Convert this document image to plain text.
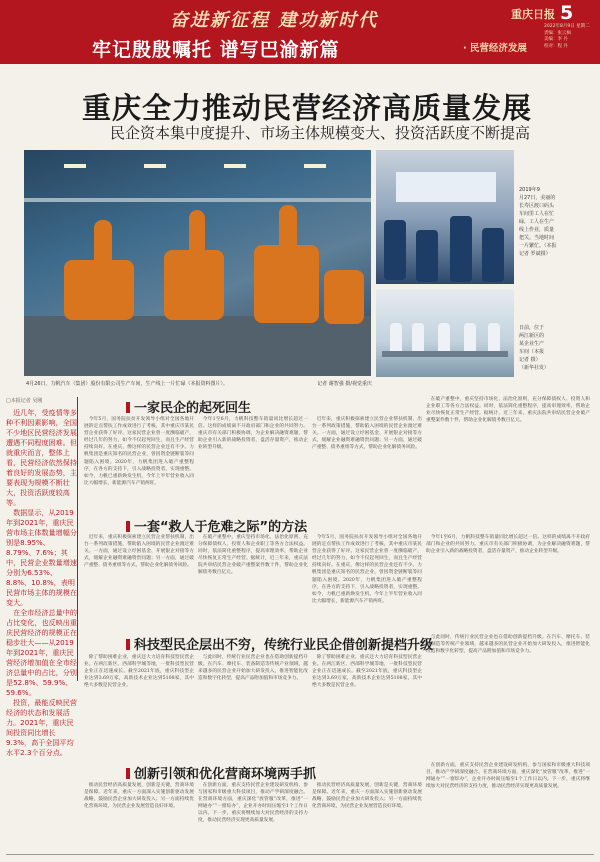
奋进新征程 建功新时代	重庆日报 5
2022年8月9日 星期二
责编：张云枫
美编：李 丹
校对：程 丹
牢记殷殷嘱托 谱写巴渝新篇	· 民营经济发展
重庆全力推动民营经济高质量发展
民企资本集中度提升、市场主体规模变大、投资活跃度不断提高
2019年9
月27日，美丽的
长寿区渡口码头
车间里工人在忙
碌，工人在生产
线上作业，质量
把关。当地时间
一片繁忙。（本报
记者 罗斌摄）
日前，位于
两江新区的
某企业生产
车间（本报
记者 摄）
（新华社发）
4月26日，力帆汽车（集团）股份有限公司生产车间，生产线上一片忙碌（本报资料图片）。	记者 谢智强 摄/视觉重庆
□本报记者 吴刚

近几年，受疫情等多种不利因素影响，全国不少地区民营经济发展遭遇不同程度困难。但就重庆而言，整体上看，民营经济依然保持着良好的发展态势，主要表现为规模不断壮大，投资活跃度较高等。

数据显示，从2019年到2021年，重庆民营市场主体数量增幅分别是8.95%、8.79%、7.6%；其中，民营企业数量增速分别为6.53%、8.8%、10.8%，表明民营市场主体的规模在变大。

在全市经济总量中的占比变化，也反映出重庆民营经济的规模正在稳步壮大——从2019年到2021年，重庆民营经济增加值在全市经济总量中的占比，分别是52.8%、59.9%、59.6%。

投资，最能反映民营经济的状态和发展活力。2021年，重庆民间投资同比增长9.3%，高于全国平均水平2.3个百分点。

一家民企的起死回生
今年5月，国务院扶贫开发领导小组对全国各地开展的定点帮扶工作成效进行了考核，其中重庆市某民营企业获得了好评。这家民营企业曾一度濒临破产，经过几年的努力，如今不仅起死回生，而且生产经营持续向好。在重庆，像这样的民营企业还有不少。力帆集团是重庆知名的民营企业，曾因资金链断裂等问题陷入困境。2020年，力帆集团进入破产重整程序，在各方的支持下，引入战略投资者，实现重整。如今，力帆已重新焕发生机，今年上半年营业收入同比大幅增长，新能源汽车产销两旺。
今年1至6月，力帆科技整车销量同比增长超过一倍。这样的成绩离不开政府部门和企业的共同努力。重庆市有关部门积极协调，为企业解决融资难题，帮助企业引入新的战略投资者，盘活存量资产，推动企业转型升级。
近年来，重庆积极探索建立民营企业帮扶机制，出台一系列政策措施，帮助陷入困境的民营企业渡过难关。一方面，通过设立纾困基金、开展银企对接等方式，缓解企业融资难融资贵问题；另一方面，通过破产重整、债务重组等方式，帮助企业化解债务风险。
在破产重整中，重庆坚持市场化、法治化原则，充分保障债权人、投资人和企业职工等各方合法权益。同时，依法简化重整程序，提高审理效率，帮助企业尽快恢复正常生产经营。据统计，近三年来，重庆法院共审结民营企业破产重整案件数十件，帮助企业化解债务数百亿元。
一套“救人于危难之际”的方法
近年来，重庆积极探索建立民营企业帮扶机制，出台一系列政策措施，帮助陷入困境的民营企业渡过难关。一方面，通过设立纾困基金、开展银企对接等方式，缓解企业融资难融资贵问题；另一方面，通过破产重整、债务重组等方式，帮助企业化解债务风险。
在破产重整中，重庆坚持市场化、法治化原则，充分保障债权人、投资人和企业职工等各方合法权益。同时，依法简化重整程序，提高审理效率，帮助企业尽快恢复正常生产经营。据统计，近三年来，重庆法院共审结民营企业破产重整案件数十件，帮助企业化解债务数百亿元。
今年5月，国务院扶贫开发领导小组对全国各地开展的定点帮扶工作成效进行了考核，其中重庆市某民营企业获得了好评。这家民营企业曾一度濒临破产，经过几年的努力，如今不仅起死回生，而且生产经营持续向好。在重庆，像这样的民营企业还有不少。力帆集团是重庆知名的民营企业，曾因资金链断裂等问题陷入困境。2020年，力帆集团进入破产重整程序，在各方的支持下，引入战略投资者，实现重整。如今，力帆已重新焕发生机，今年上半年营业收入同比大幅增长，新能源汽车产销两旺。
今年1至6月，力帆科技整车销量同比增长超过一倍。这样的成绩离不开政府部门和企业的共同努力。重庆市有关部门积极协调，为企业解决融资难题，帮助企业引入新的战略投资者，盘活存量资产，推动企业转型升级。
科技型民企层出不穷，传统行业民企借创新提档升级
除了帮助困难企业，重庆还大力培育科技型民营企业。在两江新区、西部科学城等地，一批科技型民营企业正在迅速成长。截至2021年底，重庆科技型企业达到3.69万家，高新技术企业达到5108家，其中绝大多数是民营企业。
与此同时，传统行业民营企业也在借助创新提档升级。在汽车、摩托车、装备制造等传统产业领域，越来越多的民营企业开始加大研发投入，推进智能化改造和数字化转型，提高产品附加值和市场竞争力。
除了帮助困难企业，重庆还大力培育科技型民营企业。在两江新区、西部科学城等地，一批科技型民营企业正在迅速成长。截至2021年底，重庆科技型企业达到3.69万家，高新技术企业达到5108家，其中绝大多数是民营企业。
与此同时，传统行业民营企业也在借助创新提档升级。在汽车、摩托车、装备制造等传统产业领域，越来越多的民营企业开始加大研发投入，推进智能化改造和数字化转型，提高产品附加值和市场竞争力。
创新引领和优化营商环境两手抓
推动民营经济高质量发展，创新是关键，营商环境是保障。近年来，重庆一方面深入实施创新驱动发展战略，鼓励民营企业加大研发投入；另一方面持续优化营商环境，为民营企业发展营造良好环境。
在创新方面，重庆支持民营企业建设研发机构，参与国家和市级重大科技项目，推动产学研深度融合。在营商环境方面，重庆深化“放管服”改革，推进“一网通办”“一窗综办”，企业开办时间压缩至1个工作日以内。下一步，重庆将继续加大对民营经济的支持力度，推动民营经济实现更高质量发展。
推动民营经济高质量发展，创新是关键，营商环境是保障。近年来，重庆一方面深入实施创新驱动发展战略，鼓励民营企业加大研发投入；另一方面持续优化营商环境，为民营企业发展营造良好环境。
在创新方面，重庆支持民营企业建设研发机构，参与国家和市级重大科技项目，推动产学研深度融合。在营商环境方面，重庆深化“放管服”改革，推进“一网通办”“一窗综办”，企业开办时间压缩至1个工作日以内。下一步，重庆将继续加大对民营经济的支持力度，推动民营经济实现更高质量发展。
